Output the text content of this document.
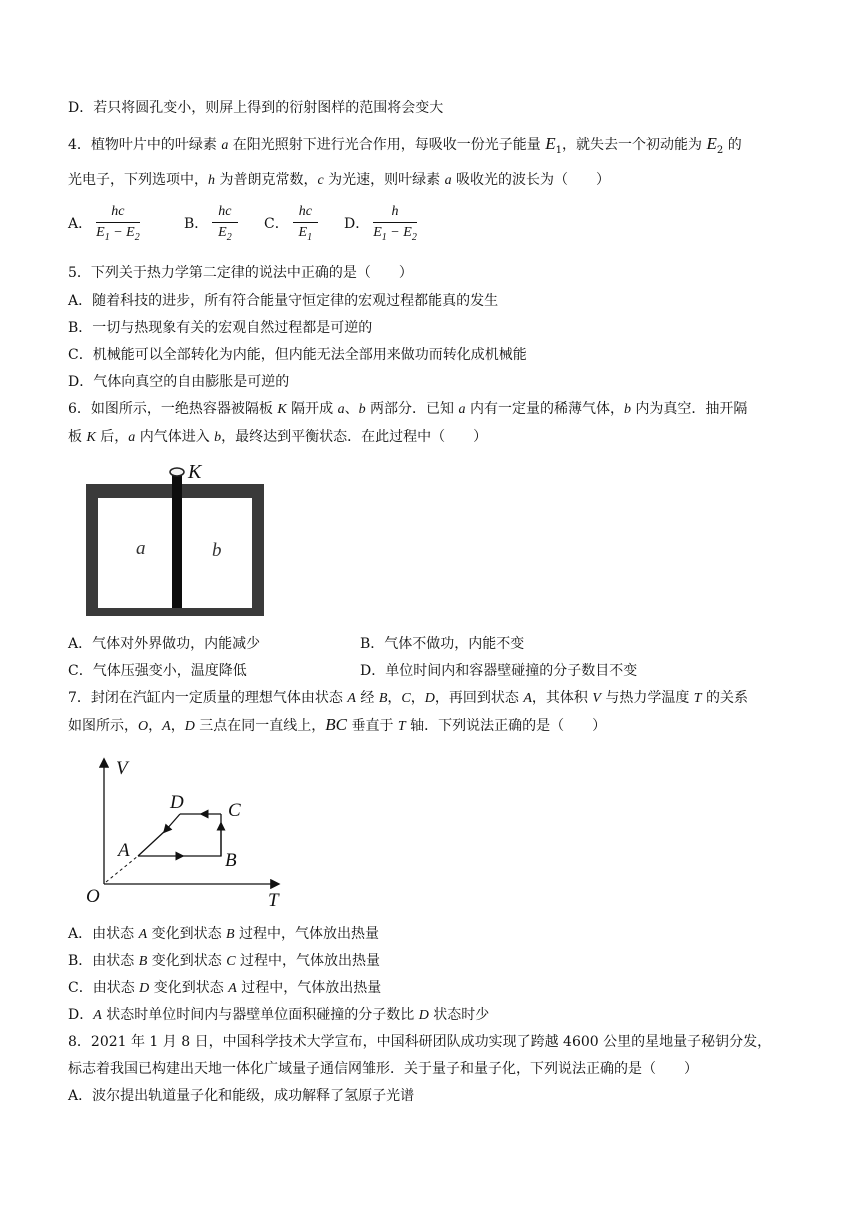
D．若只将圆孔变小，则屏上得到的衍射图样的范围将会变大
4．植物叶片中的叶绿素 a 在阳光照射下进行光合作用，每吸收一份光子能量 $E_1$，就失去一个初动能为 $E_2$ 的
光电子，下列选项中，h 为普朗克常数，c 为光速，则叶绿素 a 吸收光的波长为（　　）
A． $\frac{hc}{E_1 - E_2}$	B． $\frac{hc}{E_2}$ C． $\frac{hc}{E_1}$ D． $\frac{h}{E_1 - E_2}$
5．下列关于热力学第二定律的说法中正确的是（　　）
A．随着科技的进步，所有符合能量守恒定律的宏观过程都能真的发生
B．一切与热现象有关的宏观自然过程都是可逆的
C．机械能可以全部转化为内能，但内能无法全部用来做功而转化成机械能
D．气体向真空的自由膨胀是可逆的
6．如图所示，一绝热容器被隔板 K 隔开成 a、b 两部分．已知 a 内有一定量的稀薄气体，b 内为真空．抽开隔
板 K 后，a 内气体进入 b，最终达到平衡状态．在此过程中（　　）
K
a	b
A．气体对外界做功，内能减少	B．气体不做功，内能不变
C．气体压强变小，温度降低	D．单位时间内和容器壁碰撞的分子数目不变
7．封闭在汽缸内一定质量的理想气体由状态 A 经 B，C，D，再回到状态 A，其体积 V 与热力学温度 T 的关系
如图所示，O，A，D 三点在同一直线上，BC 垂直于 T 轴．下列说法正确的是（　　）
V
T
O
A	B
C
D
A．由状态 A 变化到状态 B 过程中，气体放出热量
B．由状态 B 变化到状态 C 过程中，气体放出热量
C．由状态 D 变化到状态 A 过程中，气体放出热量
D．A 状态时单位时间内与器壁单位面积碰撞的分子数比 D 状态时少
8．2021 年 1 月 8 日，中国科学技术大学宣布，中国科研团队成功实现了跨越 4600 公里的星地量子秘钥分发，
标志着我国已构建出天地一体化广域量子通信网雏形．关于量子和量子化，下列说法正确的是（　　）
A．波尔提出轨道量子化和能级，成功解释了氢原子光谱
